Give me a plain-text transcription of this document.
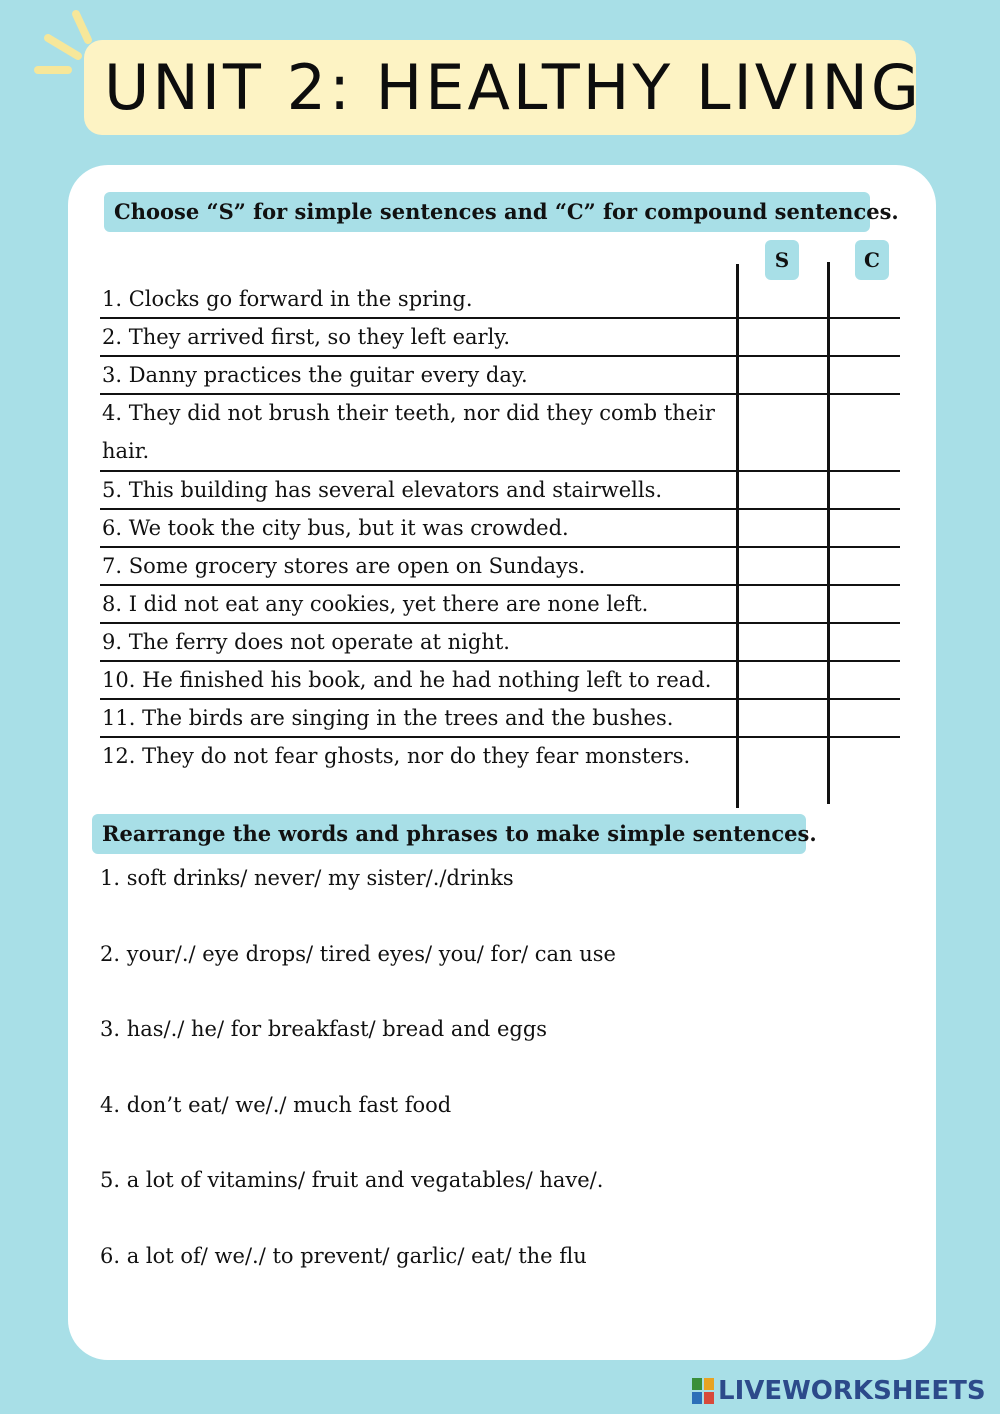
UNIT 2: HEALTHY LIVING
Choose “S” for simple sentences and “C” for compound sentences.
S	C
1. Clocks go forward in the spring.
2. They arrived first, so they left early.
3. Danny practices the guitar every day.
4. They did not brush their teeth, nor did they comb their hair.
5. This building has several elevators and stairwells.
6. We took the city bus, but it was crowded.
7. Some grocery stores are open on Sundays.
8. I did not eat any cookies, yet there are none left.
9. The ferry does not operate at night.
10. He finished his book, and he had nothing left to read.
11. The birds are singing in the trees and the bushes.
12. They do not fear ghosts, nor do they fear monsters.
Rearrange the words and phrases to make simple sentences.
1. soft drinks/ never/ my sister/./drinks
2. your/./ eye drops/ tired eyes/ you/ for/ can use
3. has/./ he/ for breakfast/ bread and eggs
4. don’t eat/ we/./ much fast food
5. a lot of vitamins/ fruit and vegatables/ have/.
6. a lot of/ we/./ to prevent/ garlic/ eat/ the flu
LIVEWORKSHEETS
